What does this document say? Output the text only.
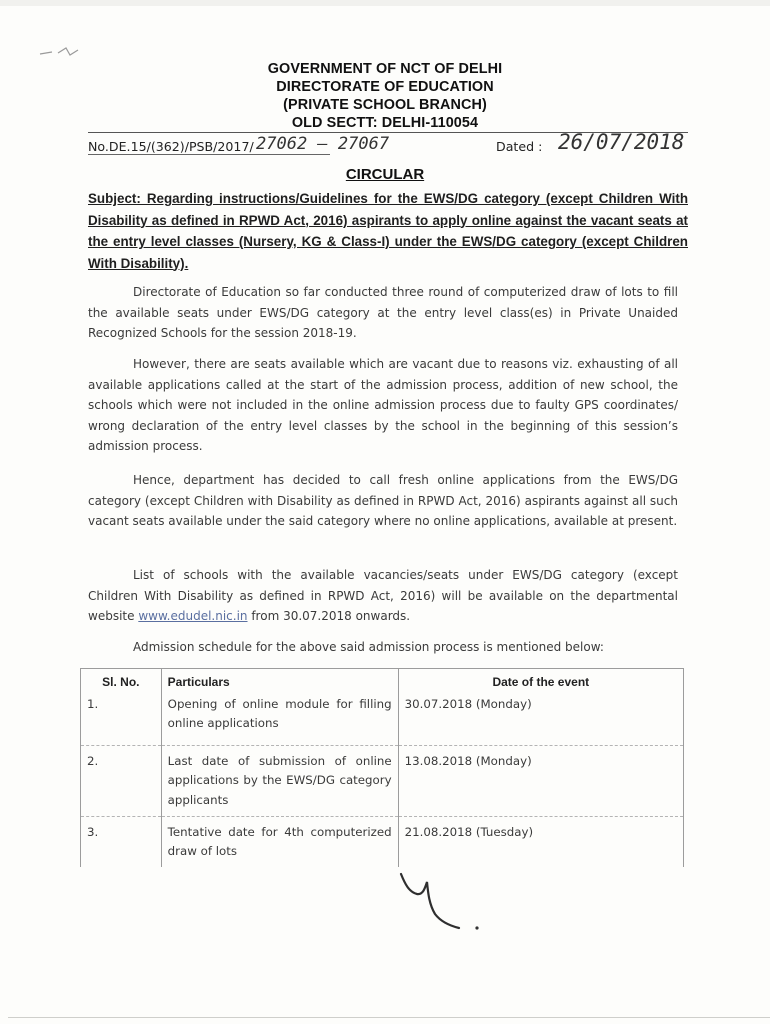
GOVERNMENT OF NCT OF DELHI
DIRECTORATE OF EDUCATION
(PRIVATE SCHOOL BRANCH)
OLD SECTT: DELHI-110054
No.DE.15/(362)/PSB/2017/ 27062 – 27067	Dated : 26/07/2018
CIRCULAR
Subject: Regarding instructions/Guidelines for the EWS/DG category (except Children With Disability as defined in RPWD Act, 2016) aspirants to apply online against the vacant seats at the entry level classes (Nursery, KG & Class-I) under the EWS/DG category (except Children With Disability).
Directorate of Education so far conducted three round of computerized draw of lots to fill the available seats under EWS/DG category at the entry level class(es) in Private Unaided Recognized Schools for the session 2018-19.
However, there are seats available which are vacant due to reasons viz. exhausting of all available applications called at the start of the admission process, addition of new school, the schools which were not included in the online admission process due to faulty GPS coordinates/ wrong declaration of the entry level classes by the school in the beginning of this session’s admission process.
Hence, department has decided to call fresh online applications from the EWS/DG category (except Children with Disability as defined in RPWD Act, 2016) aspirants against all such vacant seats available under the said category where no online applications, available at present.
List of schools with the available vacancies/seats under EWS/DG category (except Children With Disability as defined in RPWD Act, 2016) will be available on the departmental website www.edudel.nic.in from 30.07.2018 onwards.
Admission schedule for the above said admission process is mentioned below:
Sl. No.	Particulars	Date of the event
1.	Opening of online module for filling online applications	30.07.2018 (Monday)
2.	Last date of submission of online applications by the EWS/DG category applicants	13.08.2018 (Monday)
3.	Tentative date for 4th computerized draw of lots	21.08.2018 (Tuesday)
